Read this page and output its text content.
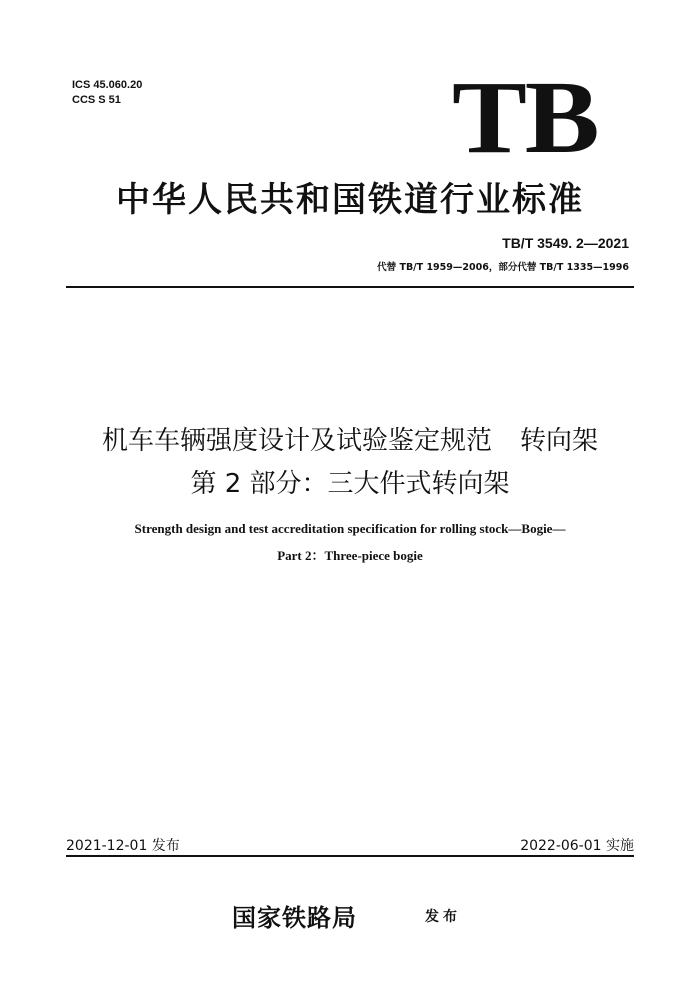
ICS 45.060.20
CCS S 51	TB
中华人民共和国铁道行业标准
TB/T 3549. 2—2021
代替 TB/T 1959—2006，部分代替 TB/T 1335—1996
机车车辆强度设计及试验鉴定规范 转向架
第 2 部分：三大件式转向架
Strength design and test accreditation specification for rolling stock—Bogie—
Part 2：Three-piece bogie
2021-12-01 发布	2022-06-01 实施
国家铁路局	发布
